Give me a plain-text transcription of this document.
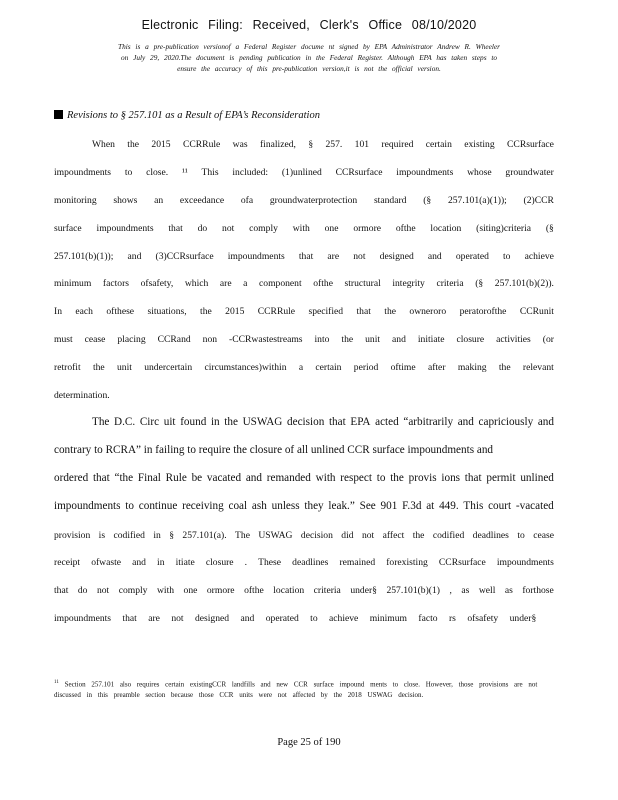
Electronic Filing: Received, Clerk's Office 08/10/2020
This is a pre-publication versionof a Federal Register docume nt signed by EPA Administrator Andrew R. Wheeler
on July 29, 2020.The document is pending publication in the Federal Register. Although EPA has taken steps to
ensure the accuracy of this pre-publication version,it is not the official version.
Revisions to § 257.101 as a Result of EPA’s Reconsideration
When the 2015 CCRRule was finalized, § 257. 101 required certain existing CCRsurface
impoundments to close. ¹¹ This included: (1)unlined CCRsurface impoundments whose groundwater
monitoring shows an exceedance ofa groundwaterprotection standard (§ 257.101(a)(1)); (2)CCR
surface impoundments that do not comply with one ormore ofthe location (siting)criteria (§
257.101(b)(1)); and (3)CCRsurface impoundments that are not designed and operated to achieve
minimum factors ofsafety, which are a component ofthe structural integrity criteria (§ 257.101(b)(2)).
In each ofthese situations, the 2015 CCRRule specified that the owneroro peratorofthe CCRunit
must cease placing CCRand non -CCRwastestreams into the unit and initiate closure activities (or
retrofit the unit undercertain circumstances)within a certain period oftime after making the relevant
determination.
The D.C. Circ uit found in the USWAG decision that EPA acted “arbitrarily and capriciously and
contrary to RCRA” in failing to require the closure of all unlined CCR surface impoundments and
ordered that “the Final Rule be vacated and remanded with respect to the provis ions that permit unlined
impoundments to continue receiving coal ash unless they leak.” See 901 F.3d at 449. This court -vacated
provision is codified in § 257.101(a). The USWAG decision did not affect the codified deadlines to cease
receipt ofwaste and in itiate closure . These deadlines remained forexisting CCRsurface impoundments
that do not comply with one ormore ofthe location criteria under§ 257.101(b)(1) , as well as forthose
impoundments that are not designed and operated to achieve minimum facto rs ofsafety under§
$^{11}$ Section 257.101 also requires certain existingCCR landfills and new CCR surface impound ments to close. However, those provisions are not discussed in this preamble section because those CCR units were not affected by the 2018 USWAG decision.
Page 25 of 190
